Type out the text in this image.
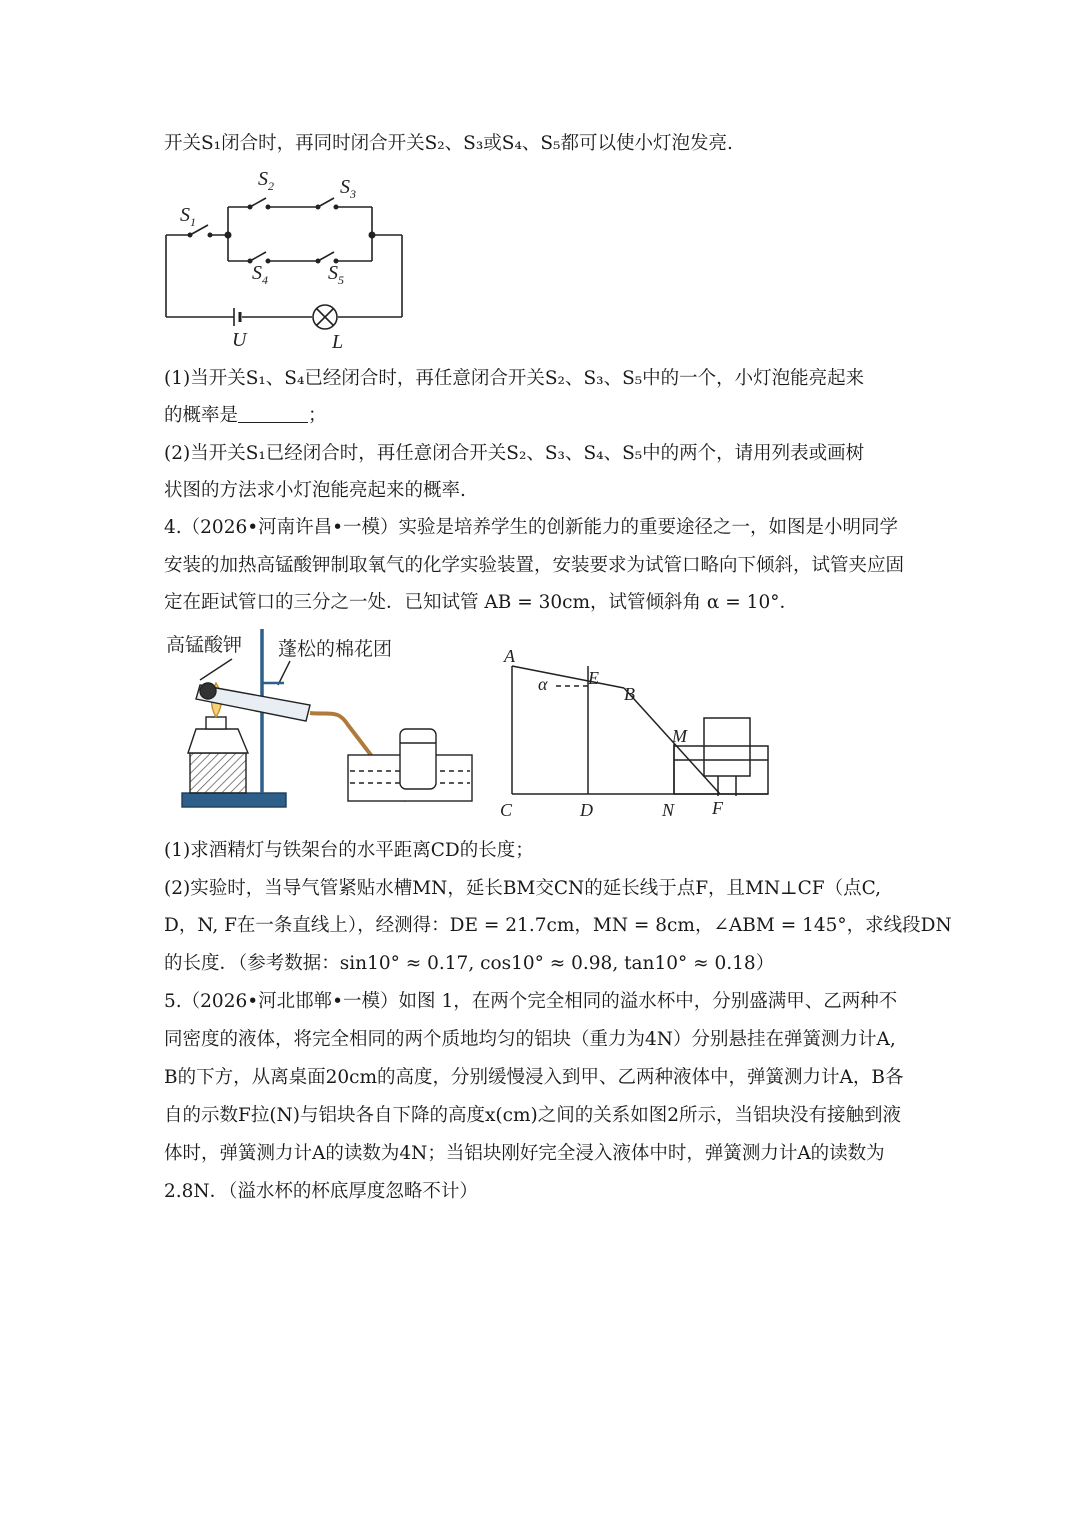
开关S₁闭合时，再同时闭合开关S₂、S₃或S₄、S₅都可以使小灯泡发亮.
$S_1$
$S_2$	$S_3$
$S_4$	$S_5$
U	L
(1)当开关S₁、S₄已经闭合时，再任意闭合开关S₂、S₃、S₅中的一个，小灯泡能亮起来
的概率是	；
(2)当开关S₁已经闭合时，再任意闭合开关S₂、S₃、S₄、S₅中的两个，请用列表或画树
状图的方法求小灯泡能亮起来的概率.
4.（2026•河南许昌•一模）实验是培养学生的创新能力的重要途径之一，如图是小明同学
安装的加热高锰酸钾制取氧气的化学实验装置，安装要求为试管口略向下倾斜，试管夹应固
定在距试管口的三分之一处．已知试管 AB = 30cm，试管倾斜角 α = 10°．
高锰酸钾 蓬松的棉花团	A
E
B
M
α
C	D	N F
(1)求酒精灯与铁架台的水平距离CD的长度；
(2)实验时，当导气管紧贴水槽MN，延长BM交CN的延长线于点F，且MN⊥CF（点C,
D，N, F在一条直线上），经测得：DE = 21.7cm，MN = 8cm，∠ABM = 145°，求线段DN
的长度．（参考数据：sin10° ≈ 0.17, cos10° ≈ 0.98, tan10° ≈ 0.18）
5.（2026•河北邯郸•一模）如图 1，在两个完全相同的溢水杯中，分别盛满甲、乙两种不
同密度的液体，将完全相同的两个质地均匀的铝块（重力为4N）分别悬挂在弹簧测力计A,
B的下方，从离桌面20cm的高度，分别缓慢浸入到甲、乙两种液体中，弹簧测力计A，B各
自的示数F拉(N)与铝块各自下降的高度x(cm)之间的关系如图2所示，当铝块没有接触到液
体时，弹簧测力计A的读数为4N；当铝块刚好完全浸入液体中时，弹簧测力计A的读数为
2.8N．（溢水杯的杯底厚度忽略不计）
